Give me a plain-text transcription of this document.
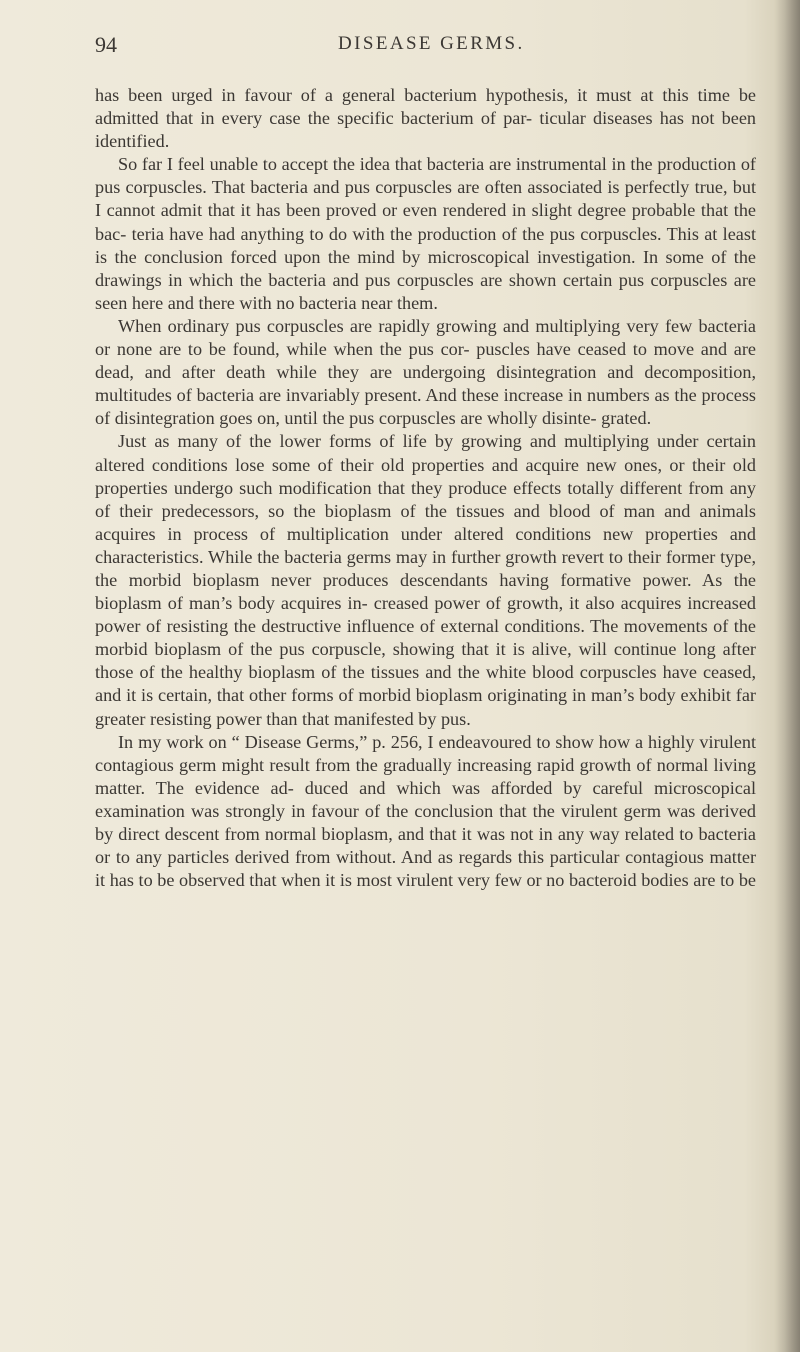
94	DISEASE GERMS.

has been urged in favour of a general bacterium hypothesis, it must at this time be admitted that in every case the specific bacterium of par- ticular diseases has not been identified.

So far I feel unable to accept the idea that bacteria are instrumental in the production of pus corpuscles. That bacteria and pus corpuscles are often associated is perfectly true, but I cannot admit that it has been proved or even rendered in slight degree probable that the bac- teria have had anything to do with the production of the pus corpuscles. This at least is the conclusion forced upon the mind by microscopical investigation. In some of the drawings in which the bacteria and pus corpuscles are shown certain pus corpuscles are seen here and there with no bacteria near them.

When ordinary pus corpuscles are rapidly growing and multiplying very few bacteria or none are to be found, while when the pus cor- puscles have ceased to move and are dead, and after death while they are undergoing disintegration and decomposition, multitudes of bacteria are invariably present. And these increase in numbers as the process of disintegration goes on, until the pus corpuscles are wholly disinte- grated.

Just as many of the lower forms of life by growing and multiplying under certain altered conditions lose some of their old properties and acquire new ones, or their old properties undergo such modification that they produce effects totally different from any of their predecessors, so the bioplasm of the tissues and blood of man and animals acquires in process of multiplication under altered conditions new properties and characteristics. While the bacteria germs may in further growth revert to their former type, the morbid bioplasm never produces descendants having formative power. As the bioplasm of man’s body acquires in- creased power of growth, it also acquires increased power of resisting the destructive influence of external conditions. The movements of the morbid bioplasm of the pus corpuscle, showing that it is alive, will continue long after those of the healthy bioplasm of the tissues and the white blood corpuscles have ceased, and it is certain, that other forms of morbid bioplasm originating in man’s body exhibit far greater resisting power than that manifested by pus.

In my work on “ Disease Germs,” p. 256, I endeavoured to show how a highly virulent contagious germ might result from the gradually increasing rapid growth of normal living matter. The evidence ad- duced and which was afforded by careful microscopical examination was strongly in favour of the conclusion that the virulent germ was derived by direct descent from normal bioplasm, and that it was not in any way related to bacteria or to any particles derived from without. And as regards this particular contagious matter it has to be observed that when it is most virulent very few or no bacteroid bodies are to be
